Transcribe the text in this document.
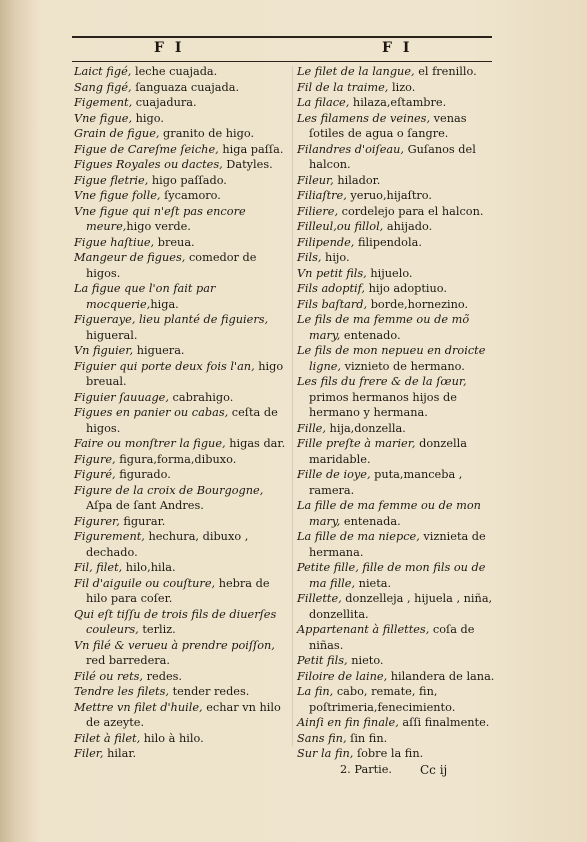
F I	F I

Laict figé, leche cuajada.

Sang figé, ſanguaza cuajada.

Figement, cuajadura.

Vne figue, higo.

Grain de figue, granito de higo.

Figue de Careſme ſeiche, higa paſſa.

Figues Royales ou dactes, Datyles.

Figue fletrie, higo paſſado.

Vne figue folle, ſycamoro.

Vne figue qui n'eſt pas encore meure,higo verde.

Figue haſtiue, breua.

Mangeur de figues, comedor de higos.

La figue que l'on fait par mocquerie,higa.

Figueraye, lieu planté de figuiers, higueral.

Vn figuier, higuera.

Figuier qui porte deux fois l'an, higo breual.

Figuier ſauuage, cabrahigo.

Figues en panier ou cabas, ceſta de higos.

Faire ou monſtrer la figue, higas dar.

Figure, figura,forma,dibuxo.

Figuré, figurado.

Figure de la croix de Bourgogne, Aſpa de ſant Andres.

Figurer, figurar.

Figurement, hechura, dibuxo , dechado.

Fil, filet, hilo,hila.

Fil d'aiguile ou couſture, hebra de hilo para coſer.

Qui eſt tiſſu de trois fils de diuerſes couleurs, terliz.

Vn filé & verueu à prendre poiſſon, red barredera.

Filé ou rets, redes.

Tendre les filets, tender redes.

Mettre vn filet d'huile, echar vn hilo de azeyte.

Filet à filet, hilo à hilo.

Filer, hilar.

Le filet de la langue, el frenillo.

Fil de la traime, lizo.

La filace, hilaza,eſtambre.

Les filamens de veines, venas ſotiles de agua o ſangre.

Filandres d'oiſeau, Guſanos del halcon.

Fileur, hilador.

Filiaſtre, yeruo,hijaſtro.

Filiere, cordelejo para el halcon.

Filleul,ou fillol, ahijado.

Filipende, filipendola.

Fils, hijo.

Vn petit fils, hijuelo.

Fils adoptif, hijo adoptiuo.

Fils baſtard, borde,hornezino.

Le fils de ma femme ou de mõ mary, entenado.

Le fils de mon nepueu en droicte ligne, viznieto de hermano.

Les fils du frere & de la ſœur, primos hermanos hijos de hermano y hermana.

Fille, hija,donzella.

Fille preſte à marier, donzella maridable.

Fille de ioye, puta,manceba , ramera.

La fille de ma femme ou de mon mary, entenada.

La fille de ma niepce, viznieta de hermana.

Petite fille, fille de mon fils ou de ma fille, nieta.

Fillette, donzelleja , hijuela , niña, donzellita.

Appartenant à fillettes, coſa de niñas.

Petit fils, nieto.

Filoire de laine, hilandera de lana.

La fin, cabo, remate, fin, poſtrimeria,fenecimiento.

Ainſi en fin finale, aſſi finalmente.

Sans fin, ſin fin.

Sur la fin, ſobre la fin.

2. Partie. Cc ij
